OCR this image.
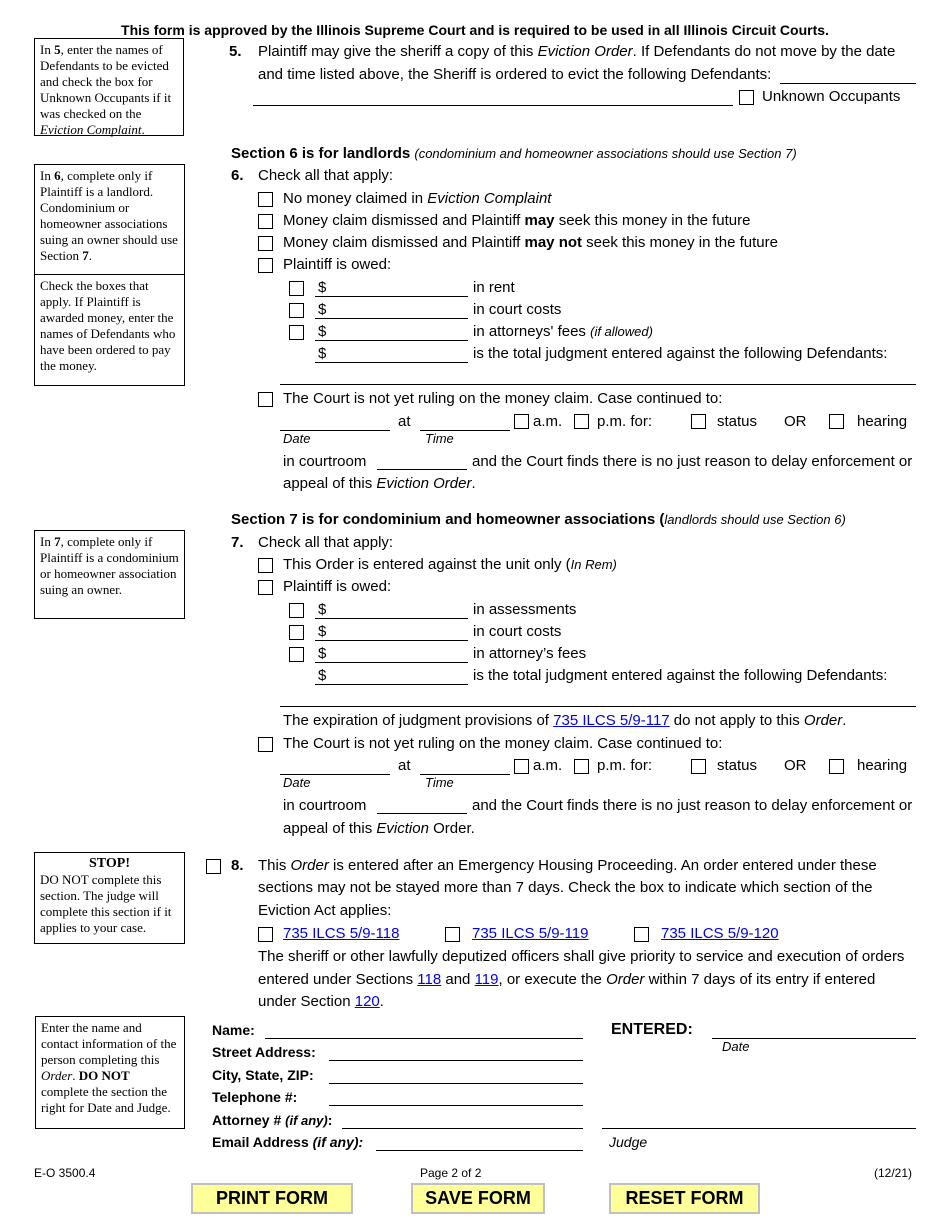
This form is approved by the Illinois Supreme Court and is required to be used in all Illinois Circuit Courts.
In 5, enter the names of Defendants to be evicted and check the box for Unknown Occupants if it was checked on the Eviction Complaint.
In 6, complete only if Plaintiff is a landlord. Condominium or homeowner associations suing an owner should use Section 7.
Check the boxes that apply. If Plaintiff is awarded money, enter the names of Defendants who have been ordered to pay the money.
In 7, complete only if Plaintiff is a condominium or homeowner association suing an owner.
STOP!
DO NOT complete this section. The judge will complete this section if it applies to your case.
Enter the name and contact information of the person completing this Order. DO NOT complete the section the right for Date and Judge.
5. Plaintiff may give the sheriff a copy of this Eviction Order. If Defendants do not move by the date
and time listed above, the Sheriff is ordered to evict the following Defendants:
Unknown Occupants
Section 6 is for landlords (condominium and homeowner associations should use Section 7)
6. Check all that apply:
No money claimed in Eviction Complaint
Money claim dismissed and Plaintiff may seek this money in the future
Money claim dismissed and Plaintiff may not seek this money in the future
Plaintiff is owed:
$	in rent
$	in court costs
$	in attorneys' fees (if allowed)
$	is the total judgment entered against the following Defendants:
The Court is not yet ruling on the money claim. Case continued to:
at	a.m. p.m. for:	status OR	hearing
Date	Time
in courtroom	and the Court finds there is no just reason to delay enforcement or
appeal of this Eviction Order.
Section 7 is for condominium and homeowner associations (landlords should use Section 6)
7. Check all that apply:
This Order is entered against the unit only (In Rem)
Plaintiff is owed:
$	in assessments
$	in court costs
$	in attorney’s fees
$	is the total judgment entered against the following Defendants:
The expiration of judgment provisions of 735 ILCS 5/9-117 do not apply to this Order.
The Court is not yet ruling on the money claim. Case continued to:
at	a.m. p.m. for:	status OR	hearing
Date	Time
in courtroom	and the Court finds there is no just reason to delay enforcement or
appeal of this Eviction Order.
8. This Order is entered after an Emergency Housing Proceeding. An order entered under these
sections may not be stayed more than 7 days. Check the box to indicate which section of the
Eviction Act applies:
735 ILCS 5/9-118	735 ILCS 5/9-119	735 ILCS 5/9-120
The sheriff or other lawfully deputized officers shall give priority to service and execution of orders
entered under Sections 118 and 119, or execute the Order within 7 days of its entry if entered
under Section 120.
Name:
Street Address:
City, State, ZIP:
Telephone #:
Attorney # (if any):
Email Address (if any):
ENTERED:
Date
Judge
E-O 3500.4	Page 2 of 2	(12/21)
PRINT FORM	SAVE FORM	RESET FORM
